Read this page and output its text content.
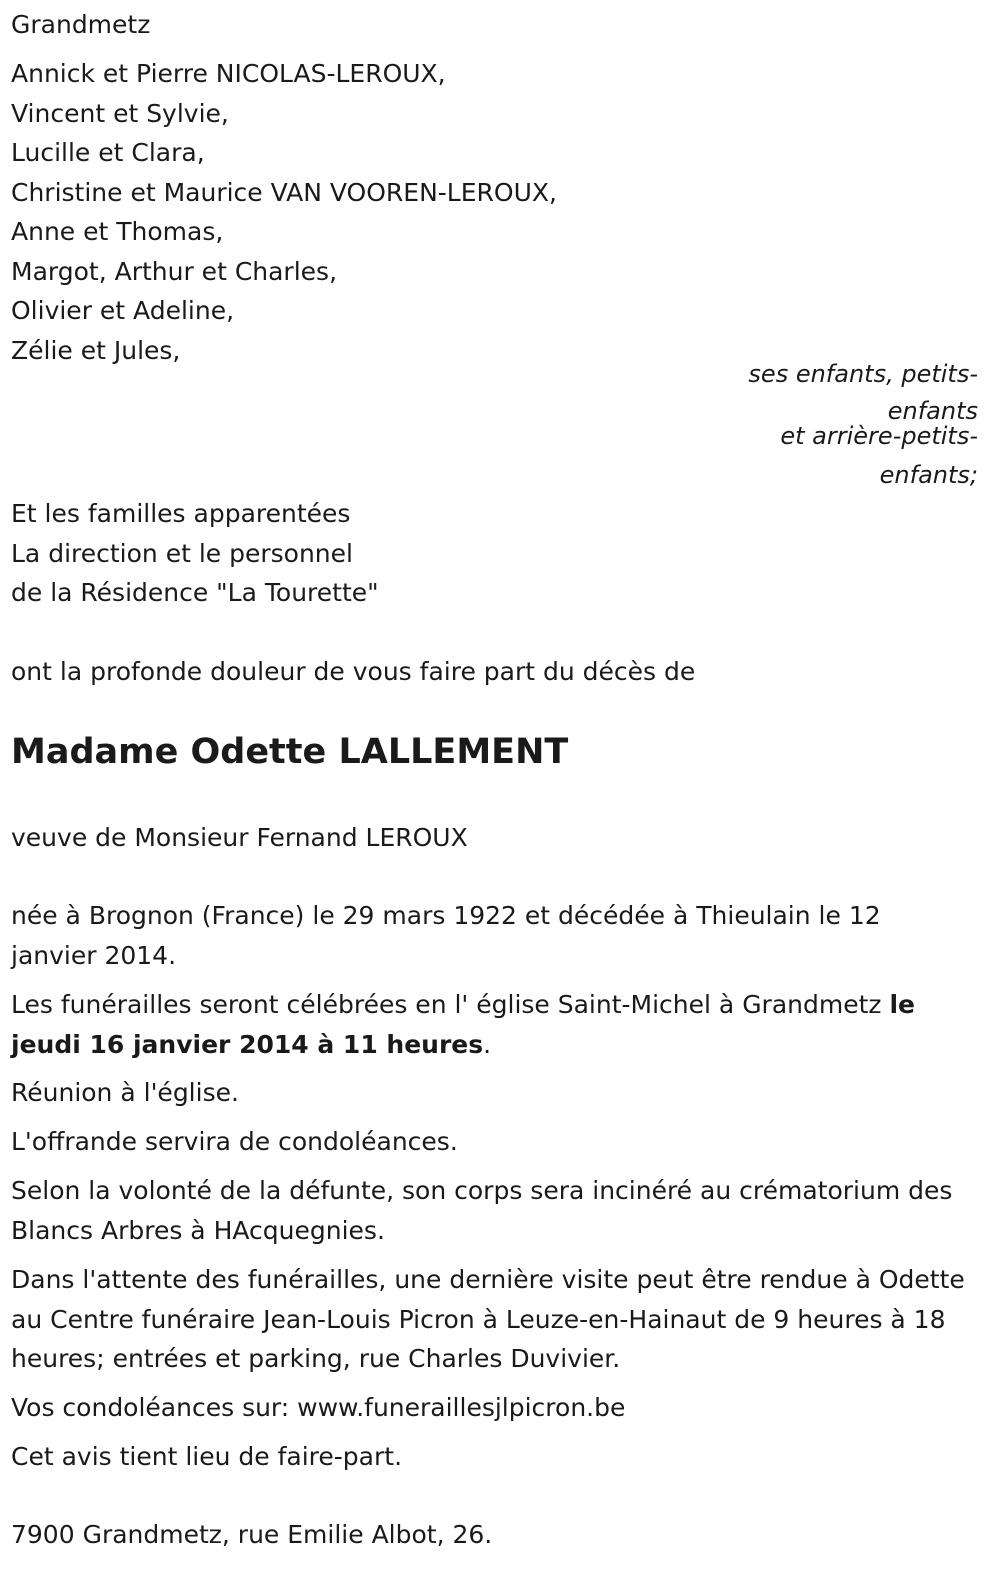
Grandmetz
Annick et Pierre NICOLAS-LEROUX,
Vincent et Sylvie,
Lucille et Clara,
Christine et Maurice VAN VOOREN-LEROUX,
Anne et Thomas,
Margot, Arthur et Charles,
Olivier et Adeline,
Zélie et Jules,
ses enfants, petits-
enfants
et arrière-petits-
enfants;
Et les familles apparentées
La direction et le personnel
de la Résidence "La Tourette"
ont la profonde douleur de vous faire part du décès de
Madame Odette LALLEMENT
veuve de Monsieur Fernand LEROUX
née à Brognon (France) le 29 mars 1922 et décédée à Thieulain le 12 janvier 2014.
Les funérailles seront célébrées en l' église Saint-Michel à Grandmetz le jeudi 16 janvier 2014 à 11 heures.
Réunion à l'église.
L'offrande servira de condoléances.
Selon la volonté de la défunte, son corps sera incinéré au crématorium des Blancs Arbres à HAcquegnies.
Dans l'attente des funérailles, une dernière visite peut être rendue à Odette au Centre funéraire Jean-Louis Picron à Leuze-en-Hainaut de 9 heures à 18 heures; entrées et parking, rue Charles Duvivier.
Vos condoléances sur: www.funeraillesjlpicron.be
Cet avis tient lieu de faire-part.
7900 Grandmetz, rue Emilie Albot, 26.
